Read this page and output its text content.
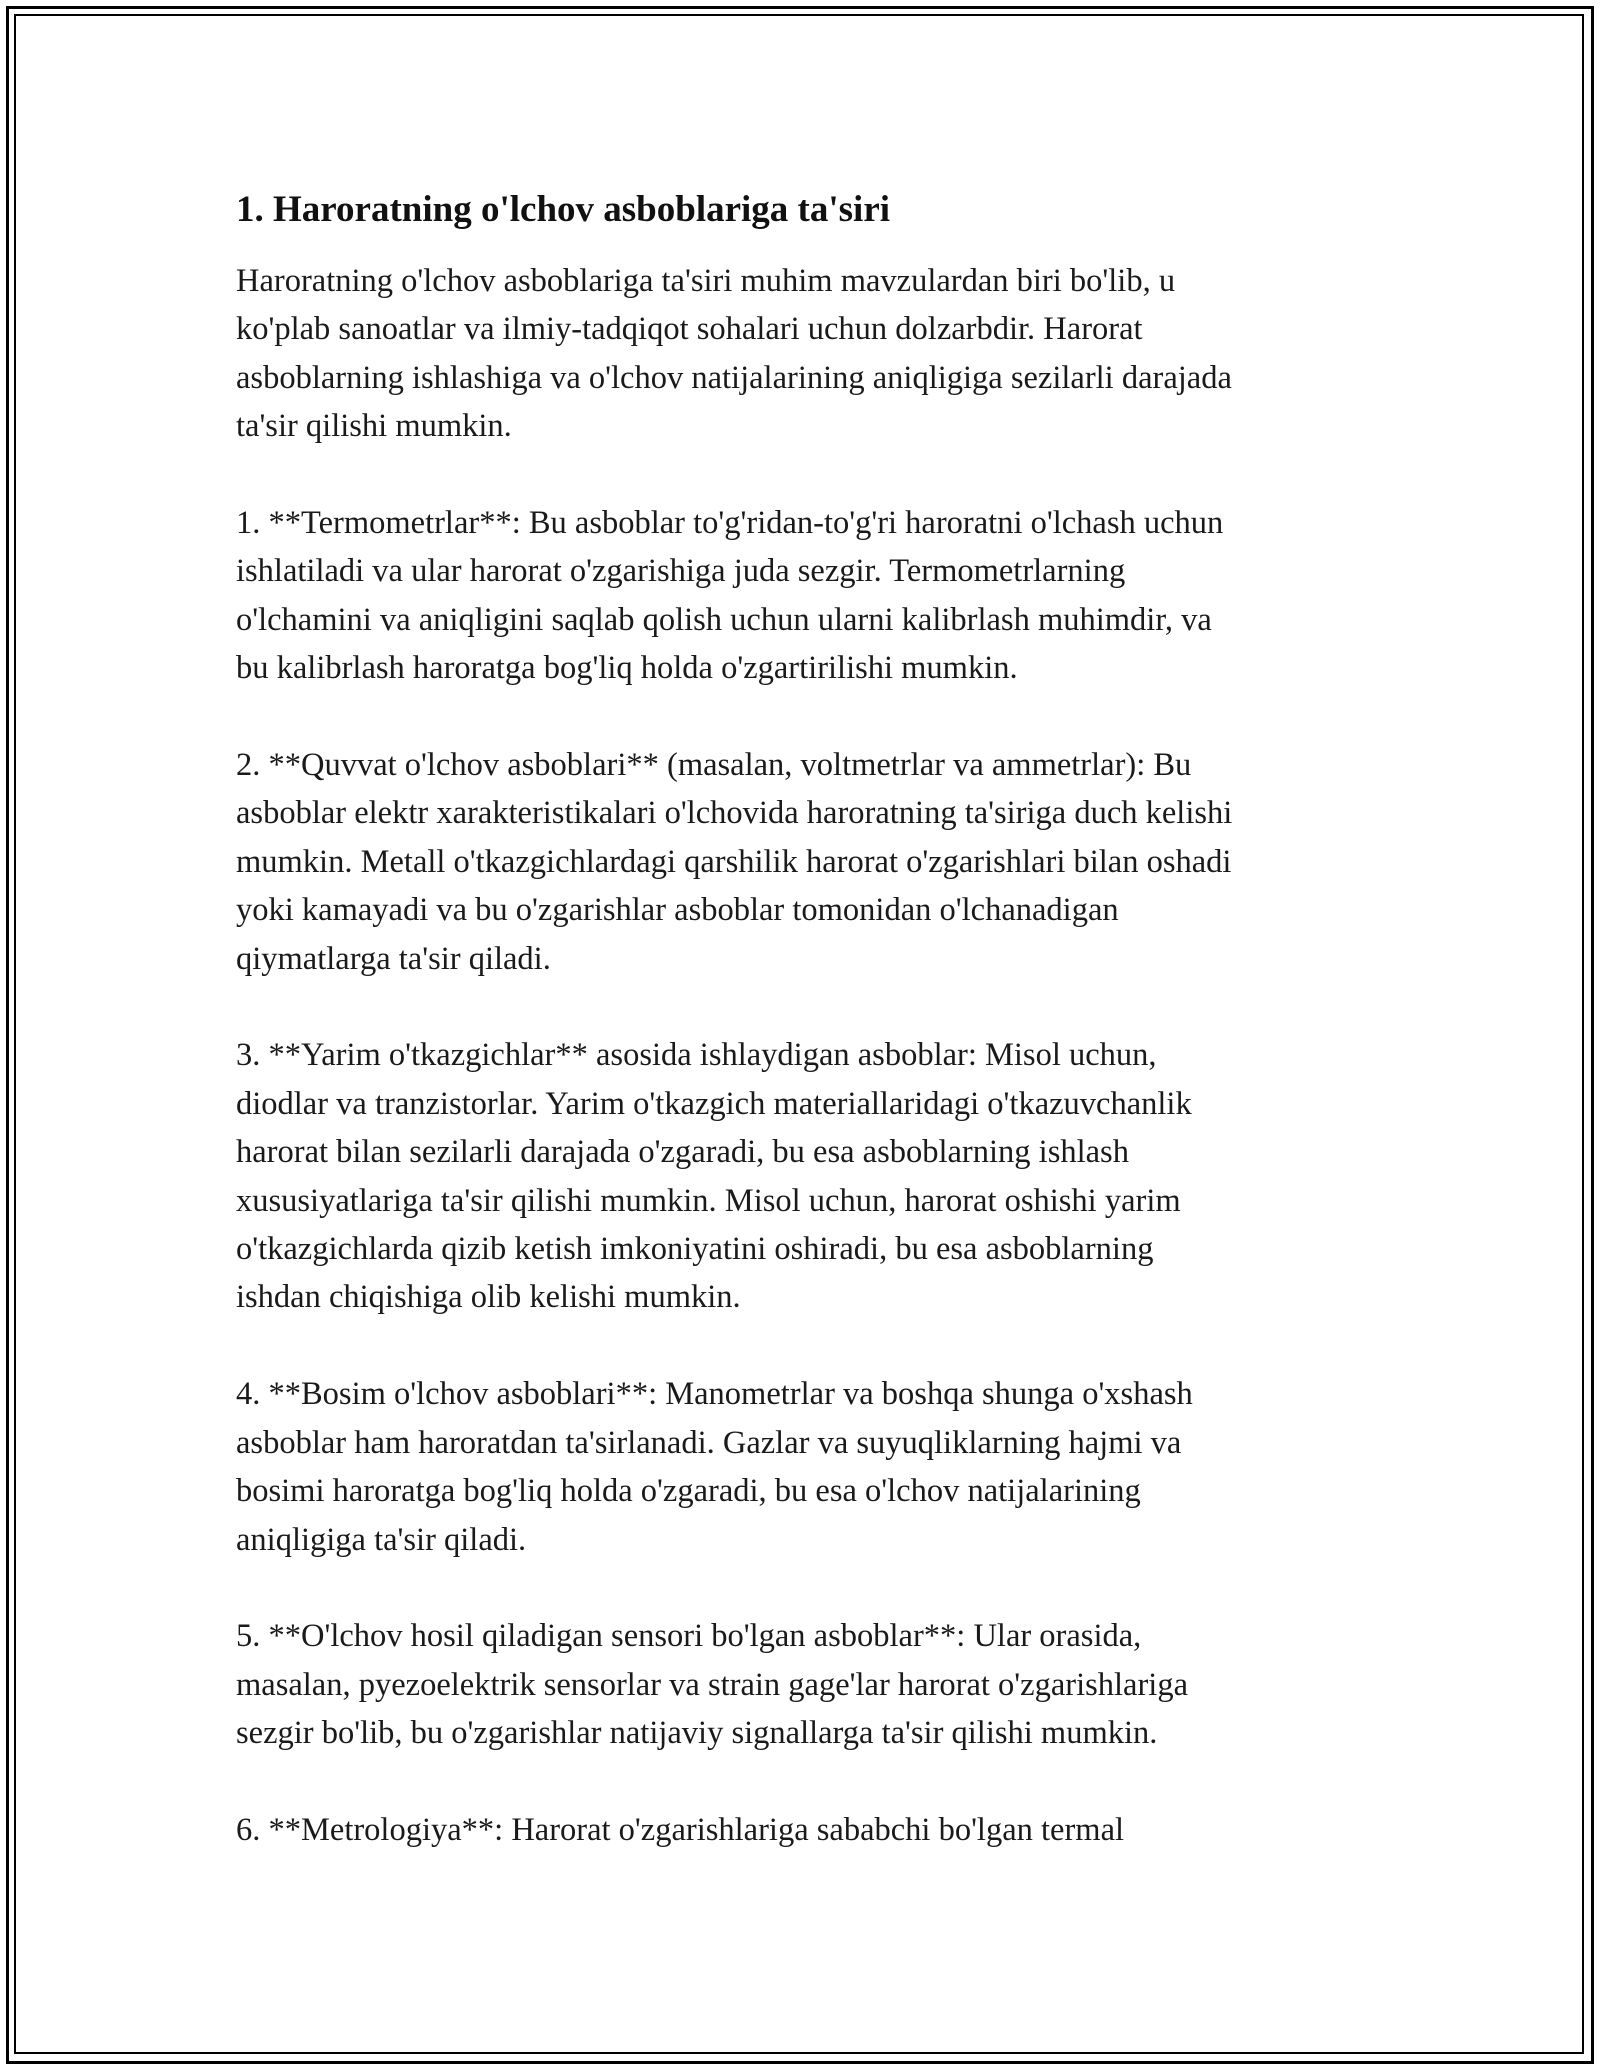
1. Haroratning o'lchov asboblariga ta'siri

Haroratning o'lchov asboblariga ta'siri muhim mavzulardan biri bo'lib, u
ko'plab sanoatlar va ilmiy-tadqiqot sohalari uchun dolzarbdir. Harorat
asboblarning ishlashiga va o'lchov natijalarining aniqligiga sezilarli darajada
ta'sir qilishi mumkin.

1. **Termometrlar**: Bu asboblar to'g'ridan-to'g'ri haroratni o'lchash uchun
ishlatiladi va ular harorat o'zgarishiga juda sezgir. Termometrlarning
o'lchamini va aniqligini saqlab qolish uchun ularni kalibrlash muhimdir, va
bu kalibrlash haroratga bog'liq holda o'zgartirilishi mumkin.

2. **Quvvat o'lchov asboblari** (masalan, voltmetrlar va ammetrlar): Bu
asboblar elektr xarakteristikalari o'lchovida haroratning ta'siriga duch kelishi
mumkin. Metall o'tkazgichlardagi qarshilik harorat o'zgarishlari bilan oshadi
yoki kamayadi va bu o'zgarishlar asboblar tomonidan o'lchanadigan
qiymatlarga ta'sir qiladi.

3. **Yarim o'tkazgichlar** asosida ishlaydigan asboblar: Misol uchun,
diodlar va tranzistorlar. Yarim o'tkazgich materiallaridagi o'tkazuvchanlik
harorat bilan sezilarli darajada o'zgaradi, bu esa asboblarning ishlash
xususiyatlariga ta'sir qilishi mumkin. Misol uchun, harorat oshishi yarim
o'tkazgichlarda qizib ketish imkoniyatini oshiradi, bu esa asboblarning
ishdan chiqishiga olib kelishi mumkin.

4. **Bosim o'lchov asboblari**: Manometrlar va boshqa shunga o'xshash
asboblar ham haroratdan ta'sirlanadi. Gazlar va suyuqliklarning hajmi va
bosimi haroratga bog'liq holda o'zgaradi, bu esa o'lchov natijalarining
aniqligiga ta'sir qiladi.

5. **O'lchov hosil qiladigan sensori bo'lgan asboblar**: Ular orasida,
masalan, pyezoelektrik sensorlar va strain gage'lar harorat o'zgarishlariga
sezgir bo'lib, bu o'zgarishlar natijaviy signallarga ta'sir qilishi mumkin.

6. **Metrologiya**: Harorat o'zgarishlariga sababchi bo'lgan termal
